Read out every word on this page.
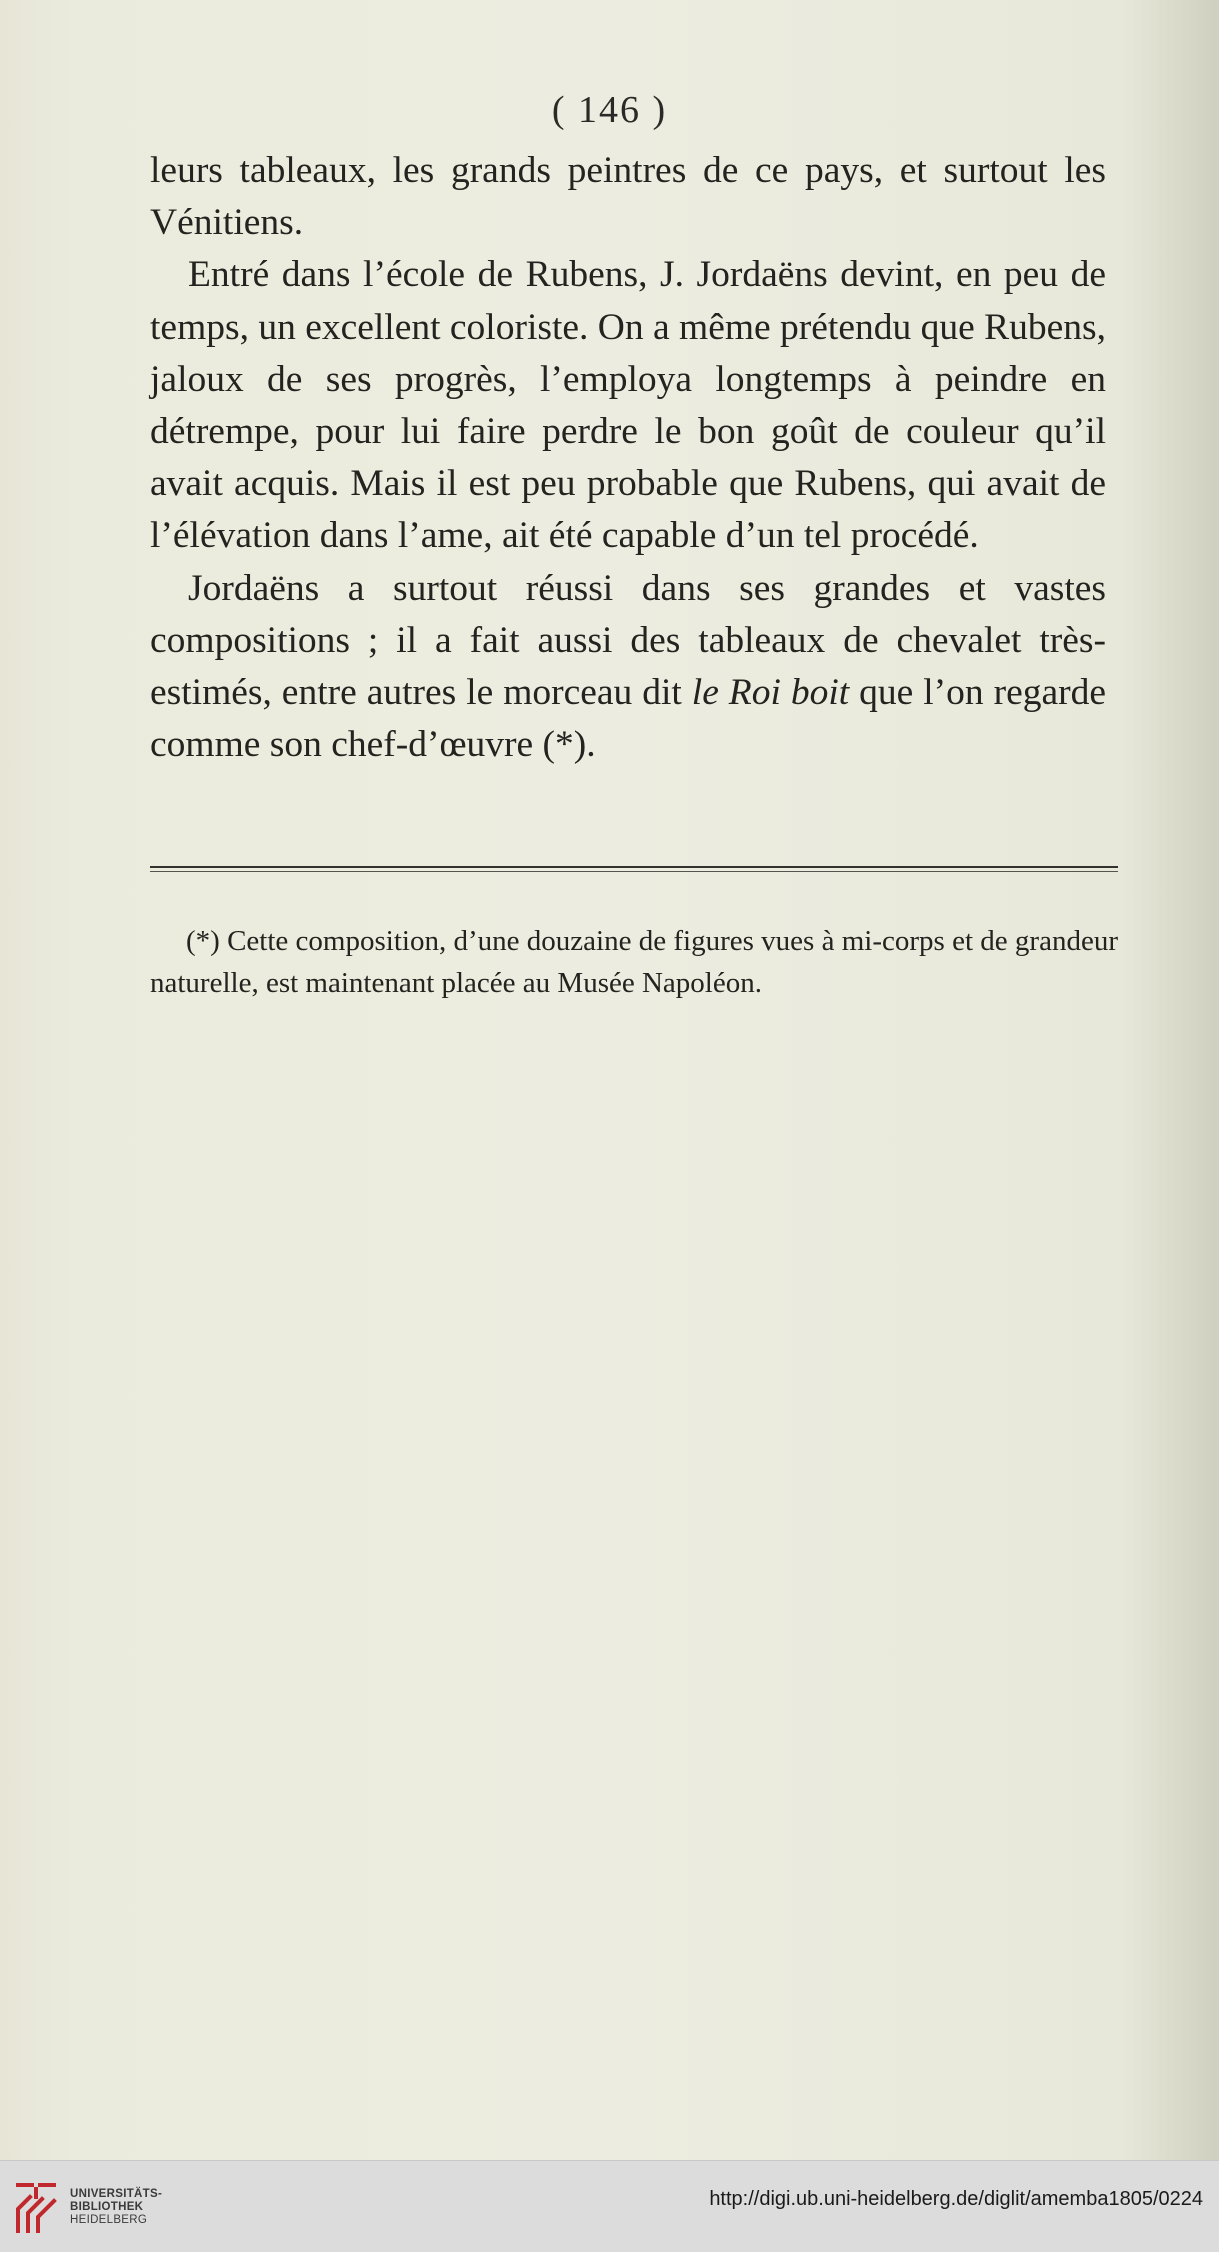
( 146 )

leurs tableaux, les grands peintres de ce pays, et surtout les Vénitiens.

Entré dans l’école de Rubens, J. Jordaëns devint, en peu de temps, un excellent coloriste. On a même prétendu que Rubens, jaloux de ses progrès, l’employa longtemps à peindre en détrempe, pour lui faire perdre le bon goût de couleur qu’il avait acquis. Mais il est peu probable que Rubens, qui avait de l’élévation dans l’ame, ait été capable d’un tel procédé.

Jordaëns a surtout réussi dans ses grandes et vastes compositions ; il a fait aussi des tableaux de chevalet très-estimés, entre autres le morceau dit le Roi boit que l’on regarde comme son chef-d’œuvre (*).

(*) Cette composition, d’une douzaine de figures vues à mi-corps et de grandeur naturelle, est maintenant placée au Musée Napoléon.

UNIVERSITÄTS-
BIBLIOTHEK
HEIDELBERG
http://digi.ub.uni-heidelberg.de/diglit/amemba1805/0224
